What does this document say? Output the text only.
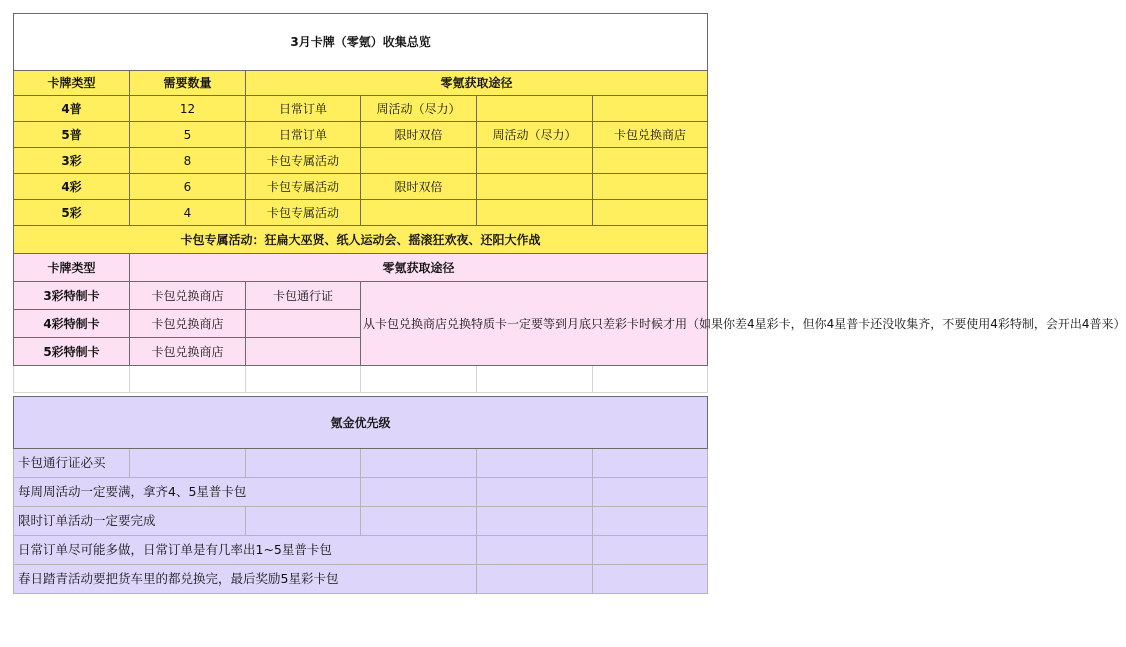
3月卡牌（零氪）收集总览					
卡牌类型	需要数量	零氪获取途径			
4普	12	日常订单	周活动（尽力）		
5普	5	日常订单	限时双倍	周活动（尽力）	卡包兑换商店
3彩	8	卡包专属活动			
4彩	6	卡包专属活动	限时双倍		
5彩	4	卡包专属活动			
卡包专属活动：狂扁大巫贤、纸人运动会、摇滚狂欢夜、还阳大作战					
卡牌类型	零氪获取途径				
3彩特制卡	卡包兑换商店	卡包通行证	从卡包兑换商店兑换特质卡一定要等到月底只差彩卡时候才用（如果你差4星彩卡，但你4星普卡还没收集齐，不要使用4彩特制，会开出4普来）		
4彩特制卡	卡包兑换商店				
5彩特制卡	卡包兑换商店				

氪金优先级					
卡包通行证必买					
每周周活动一定要满，拿齐4、5星普卡包					
限时订单活动一定要完成					
日常订单尽可能多做，日常订单是有几率出1~5星普卡包					
春日踏青活动要把货车里的都兑换完，最后奖励5星彩卡包					
